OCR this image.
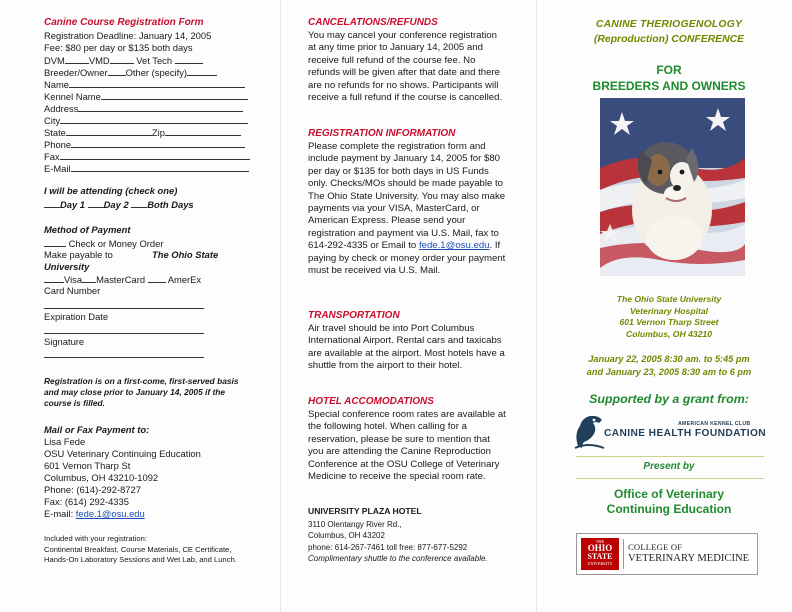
Canine Course Registration Form
Registration Deadline: January 14, 2005
Fee: $80 per day or $135 both days
DVM	VMD	Vet Tech
Breeder/Owner Other (specify)
Name
Kennel Name
Address
City
State	Zip
Phone
Fax
E-Mail
I will be attending (check one)
Day 1 Day 2 Both Days
Method of Payment
Check or Money Order
Make payable to	The Ohio State University
Visa MasterCard AmerEx
Card Number
Expiration Date
Signature
Registration is on a first-come, first-served basis and may close prior to January 14, 2005 if the course is filled.
Mail or Fax Payment to:
Lisa Fede
OSU Veterinary Continuing Education
601 Vernon Tharp St
Columbus, OH 43210-1092
Phone: (614)-292-8727
Fax: (614) 292-4335
E-mail: fede.1@osu.edu
Included with your registration:
Continental Breakfast, Course Materials, CE Certificate, Hands-On Laboratory Sessions and Wet Lab, and Lunch.
CANCELATIONS/REFUNDS
You may cancel your conference registration at any time prior to January 14, 2005 and receive full refund of the course fee. No refunds will be given after that date and there are no refunds for no shows. Participants will receive a full refund if the course is cancelled.
REGISTRATION INFORMATION
Please complete the registration form and include payment by January 14, 2005 for $80 per day or $135 for both days in US Funds only. Checks/MOs should be made payable to The Ohio State University. You may also make payments via your VISA, MasterCard, or American Express. Please send your registration and payment via U.S. Mail, fax to 614-292-4335 or Email to fede.1@osu.edu. If paying by check or money order your payment must be received via U.S. Mail.
TRANSPORTATION
Air travel should be into Port Columbus International Airport. Rental cars and taxicabs are available at the airport. Most hotels have a shuttle from the airport to their hotel.
HOTEL ACCOMODATIONS
Special conference room rates are available at the following hotel. When calling for a reservation, please be sure to mention that you are attending the Canine Reproduction Conference at the OSU College of Veterinary Medicine to receive the special room rate.
UNIVERSITY PLAZA HOTEL
3110 Olentangy River Rd.,
Columbus, OH 43202
phone: 614-267-7461 toll free: 877-677-5292
Complimentary shuttle to the conference available.
CANINE THERIOGENOLOGY
(Reproduction) CONFERENCE
FOR
BREEDERS AND OWNERS
The Ohio State University
Veterinary Hospital
601 Vernon Tharp Street
Columbus, OH 43210
January 22, 2005 8:30 am. to 5:45 pm
and January 23, 2005 8:30 am to 6 pm
Supported by a grant from:
AMERICAN KENNEL CLUB
CANINE HEALTH FOUNDATION
Present by
Office of Veterinary
Continuing Education
THE
OHIO
STATE
UNIVERSITY
COLLEGE OF
VETERINARY MEDICINE
